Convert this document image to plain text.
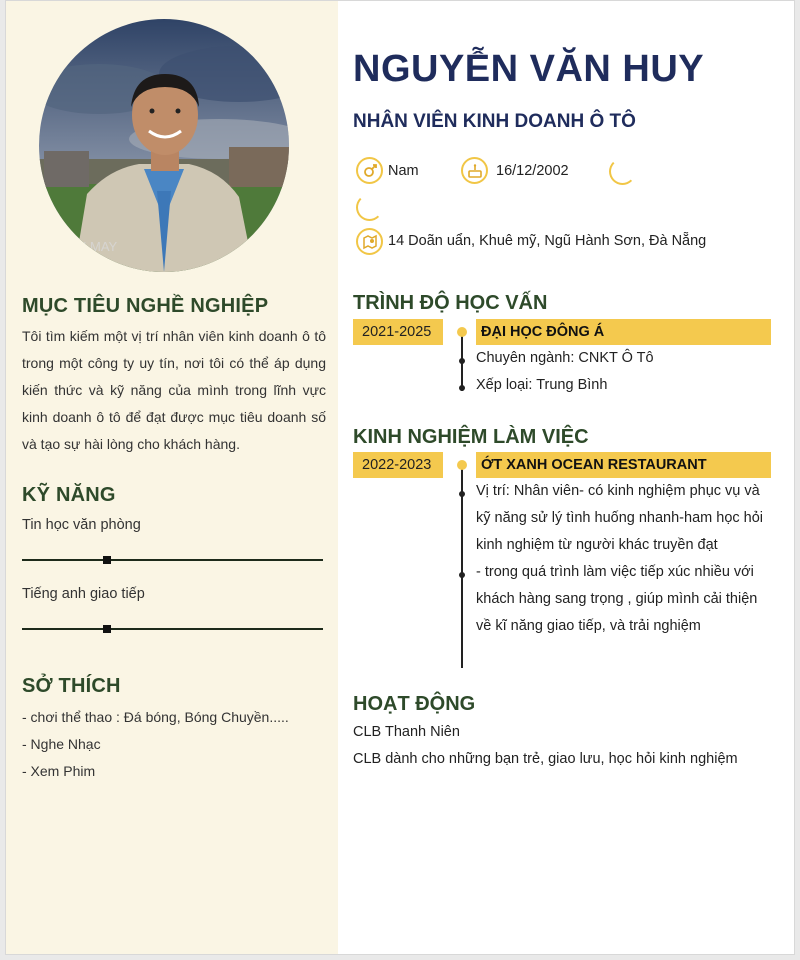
N MAY
MỤC TIÊU NGHỀ NGHIỆP
Tôi tìm kiếm một vị trí nhân viên kinh doanh ô tô trong một công ty uy tín, nơi tôi có thể áp dụng kiến thức và kỹ năng của mình trong lĩnh vực kinh doanh ô tô để đạt được mục tiêu doanh số và tạo sự hài lòng cho khách hàng.
KỸ NĂNG
Tin học văn phòng
Tiếng anh giao tiếp
SỞ THÍCH
- chơi thể thao : Đá bóng, Bóng Chuyền.....
- Nghe Nhạc
- Xem Phim
NGUYỄN VĂN HUY
NHÂN VIÊN KINH DOANH Ô TÔ
Nam	16/12/2002
14 Doãn uẩn, Khuê mỹ, Ngũ Hành Sơn, Đà Nẵng
TRÌNH ĐỘ HỌC VẤN
2021-2025	ĐẠI HỌC ĐÔNG Á
Chuyên ngành: CNKT Ô Tô
Xếp loại: Trung Bình
KINH NGHIỆM LÀM VIỆC
2022-2023	ỚT XANH OCEAN RESTAURANT
Vị trí: Nhân viên- có kinh nghiệm phục vụ và kỹ năng sử lý tình huống nhanh-ham học hỏi kinh nghiệm từ người khác truyền đạt
- trong quá trình làm việc tiếp xúc nhiều với khách hàng sang trọng , giúp mình cải thiện về kĩ năng giao tiếp, và trải nghiệm
HOẠT ĐỘNG
CLB Thanh Niên
CLB dành cho những bạn trẻ, giao lưu, học hỏi kinh nghiệm
